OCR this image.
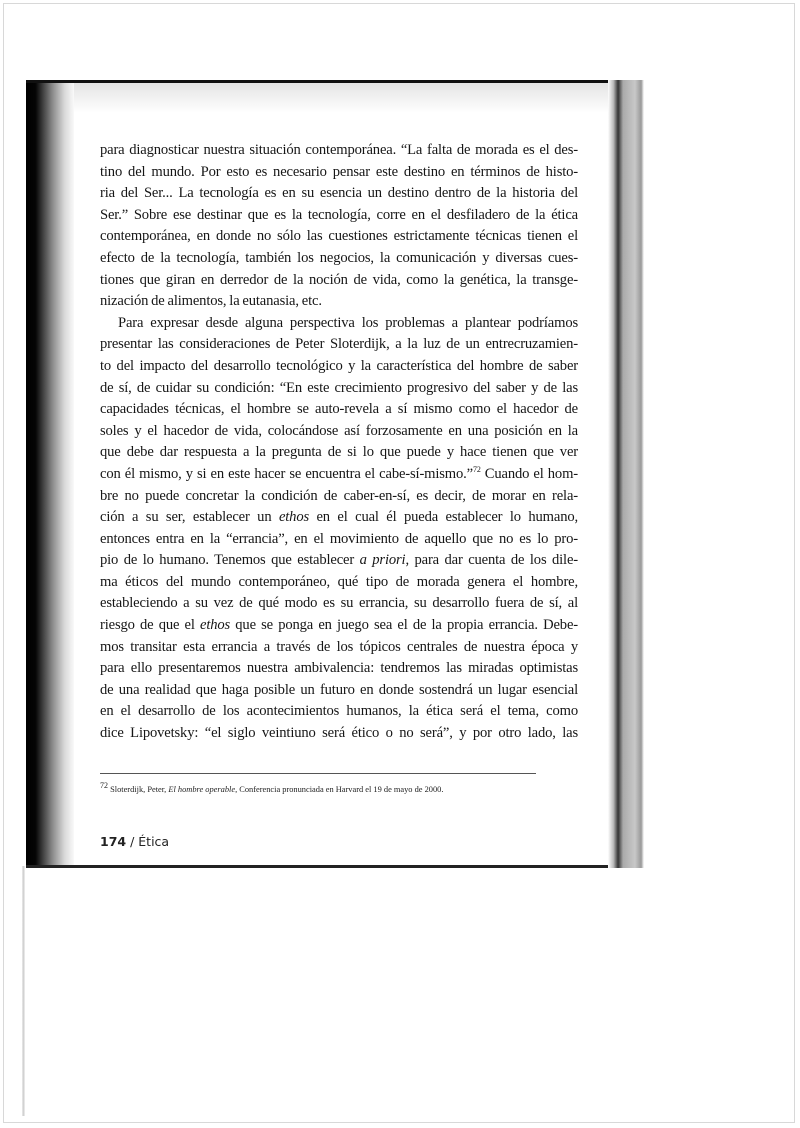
para diagnosticar nuestra situación contemporánea. “La falta de morada es el des-
tino del mundo. Por esto es necesario pensar este destino en términos de histo-
ria del Ser... La tecnología es en su esencia un destino dentro de la historia del
Ser.” Sobre ese destinar que es la tecnología, corre en el desfiladero de la ética
contemporánea, en donde no sólo las cuestiones estrictamente técnicas tienen el
efecto de la tecnología, también los negocios, la comunicación y diversas cues-
tiones que giran en derredor de la noción de vida, como la genética, la transge-
nización de alimentos, la eutanasia, etc.
Para expresar desde alguna perspectiva los problemas a plantear podríamos
presentar las consideraciones de Peter Sloterdijk, a la luz de un entrecruzamien-
to del impacto del desarrollo tecnológico y la característica del hombre de saber
de sí, de cuidar su condición: “En este crecimiento progresivo del saber y de las
capacidades técnicas, el hombre se auto-revela a sí mismo como el hacedor de
soles y el hacedor de vida, colocándose así forzosamente en una posición en la
que debe dar respuesta a la pregunta de si lo que puede y hace tienen que ver
con él mismo, y si en este hacer se encuentra el cabe-sí-mismo.”$^{72}$ Cuando el hom-
bre no puede concretar la condición de caber-en-sí, es decir, de morar en rela-
ción a su ser, establecer un ethos en el cual él pueda establecer lo humano,
entonces entra en la “errancia”, en el movimiento de aquello que no es lo pro-
pio de lo humano. Tenemos que establecer a priori, para dar cuenta de los dile-
ma éticos del mundo contemporáneo, qué tipo de morada genera el hombre,
estableciendo a su vez de qué modo es su errancia, su desarrollo fuera de sí, al
riesgo de que el ethos que se ponga en juego sea el de la propia errancia. Debe-
mos transitar esta errancia a través de los tópicos centrales de nuestra época y
para ello presentaremos nuestra ambivalencia: tendremos las miradas optimistas
de una realidad que haga posible un futuro en donde sostendrá un lugar esencial
en el desarrollo de los acontecimientos humanos, la ética será el tema, como
dice Lipovetsky: “el siglo veintiuno será ético o no será”, y por otro lado, las
$^{72}$ Sloterdijk, Peter, El hombre operable, Conferencia pronunciada en Harvard el 19 de mayo de 2000.
174 / Ética
